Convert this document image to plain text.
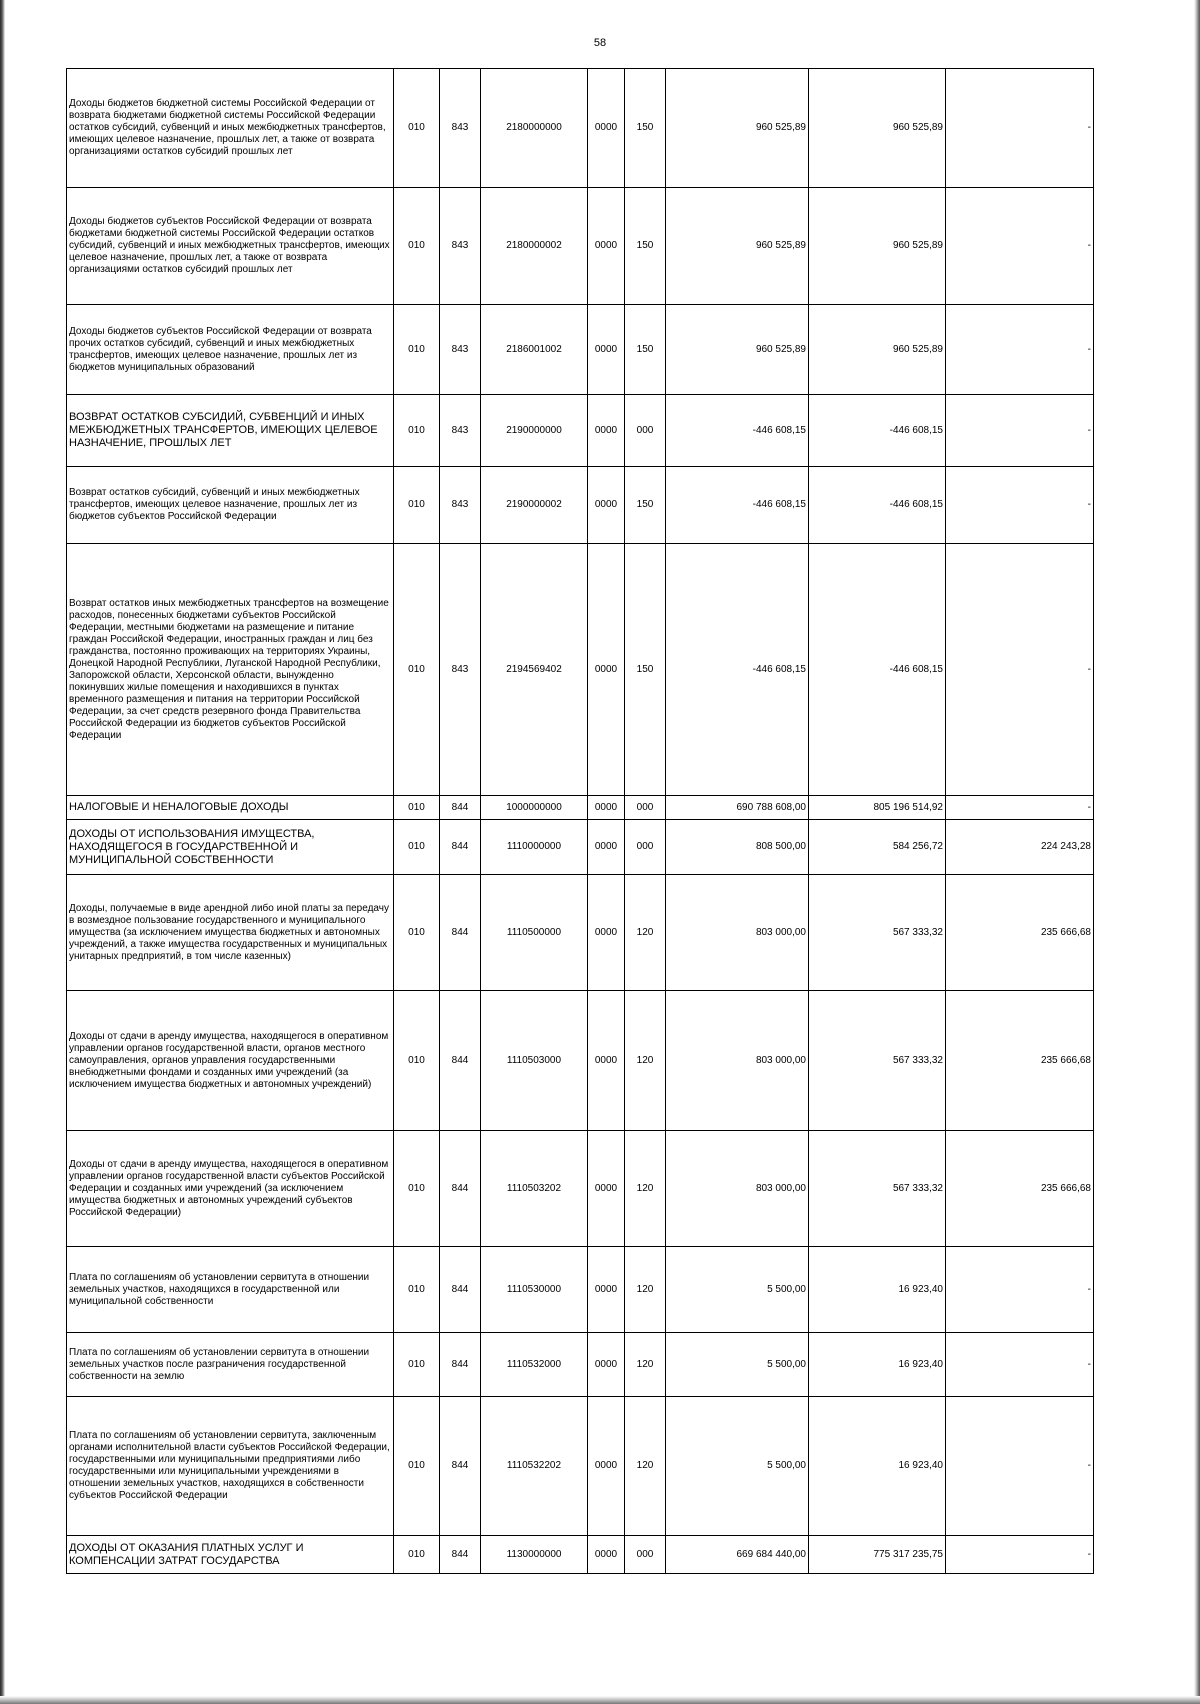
58
Доходы бюджетов бюджетной системы Российской Федерации от возврата бюджетами бюджетной системы Российской Федерации остатков субсидий, субвенций и иных межбюджетных трансфертов, имеющих целевое назначение, прошлых лет, а также от возврата организациями остатков субсидий прошлых лет	010	843	2180000000	0000	150	960 525,89	960 525,89	-
Доходы бюджетов субъектов Российской Федерации от возврата бюджетами бюджетной системы Российской Федерации остатков субсидий, субвенций и иных межбюджетных трансфертов, имеющих целевое назначение, прошлых лет, а также от возврата организациями остатков субсидий прошлых лет	010	843	2180000002	0000	150	960 525,89	960 525,89	-
Доходы бюджетов субъектов Российской Федерации от возврата прочих остатков субсидий, субвенций и иных межбюджетных трансфертов, имеющих целевое назначение, прошлых лет из бюджетов муниципальных образований	010	843	2186001002	0000	150	960 525,89	960 525,89	-
ВОЗВРАТ ОСТАТКОВ СУБСИДИЙ, СУБВЕНЦИЙ И ИНЫХ МЕЖБЮДЖЕТНЫХ ТРАНСФЕРТОВ, ИМЕЮЩИХ ЦЕЛЕВОЕ НАЗНАЧЕНИЕ, ПРОШЛЫХ ЛЕТ	010	843	2190000000	0000	000	-446 608,15	-446 608,15	-
Возврат остатков субсидий, субвенций и иных межбюджетных трансфертов, имеющих целевое назначение, прошлых лет из бюджетов субъектов Российской Федерации	010	843	2190000002	0000	150	-446 608,15	-446 608,15	-
Возврат остатков иных межбюджетных трансфертов на возмещение расходов, понесенных бюджетами субъектов Российской Федерации, местными бюджетами на размещение и питание граждан Российской Федерации, иностранных граждан и лиц без гражданства, постоянно проживающих на территориях Украины, Донецкой Народной Республики, Луганской Народной Республики, Запорожской области, Херсонской области, вынужденно покинувших жилые помещения и находившихся в пунктах временного размещения и питания на территории Российской Федерации, за счет средств резервного фонда Правительства Российской Федерации из бюджетов субъектов Российской Федерации	010	843	2194569402	0000	150	-446 608,15	-446 608,15	-
НАЛОГОВЫЕ И НЕНАЛОГОВЫЕ ДОХОДЫ	010	844	1000000000	0000	000	690 788 608,00	805 196 514,92	-
ДОХОДЫ ОТ ИСПОЛЬЗОВАНИЯ ИМУЩЕСТВА, НАХОДЯЩЕГОСЯ В ГОСУДАРСТВЕННОЙ И МУНИЦИПАЛЬНОЙ СОБСТВЕННОСТИ	010	844	1110000000	0000	000	808 500,00	584 256,72	224 243,28
Доходы, получаемые в виде арендной либо иной платы за передачу в возмездное пользование государственного и муниципального имущества (за исключением имущества бюджетных и автономных учреждений, а также имущества государственных и муниципальных унитарных предприятий, в том числе казенных)	010	844	1110500000	0000	120	803 000,00	567 333,32	235 666,68
Доходы от сдачи в аренду имущества, находящегося в оперативном управлении органов государственной власти, органов местного самоуправления, органов управления государственными внебюджетными фондами и созданных ими учреждений (за исключением имущества бюджетных и автономных учреждений)	010	844	1110503000	0000	120	803 000,00	567 333,32	235 666,68
Доходы от сдачи в аренду имущества, находящегося в оперативном управлении органов государственной власти субъектов Российской Федерации и созданных ими учреждений (за исключением имущества бюджетных и автономных учреждений субъектов Российской Федерации)	010	844	1110503202	0000	120	803 000,00	567 333,32	235 666,68
Плата по соглашениям об установлении сервитута в отношении земельных участков, находящихся в государственной или муниципальной собственности	010	844	1110530000	0000	120	5 500,00	16 923,40	-
Плата по соглашениям об установлении сервитута в отношении земельных участков после разграничения государственной собственности на землю	010	844	1110532000	0000	120	5 500,00	16 923,40	-
Плата по соглашениям об установлении сервитута, заключенным органами исполнительной власти субъектов Российской Федерации, государственными или муниципальными предприятиями либо государственными или муниципальными учреждениями в отношении земельных участков, находящихся в собственности субъектов Российской Федерации	010	844	1110532202	0000	120	5 500,00	16 923,40	-
ДОХОДЫ ОТ ОКАЗАНИЯ ПЛАТНЫХ УСЛУГ И КОМПЕНСАЦИИ ЗАТРАТ ГОСУДАРСТВА	010	844	1130000000	0000	000	669 684 440,00	775 317 235,75	-
